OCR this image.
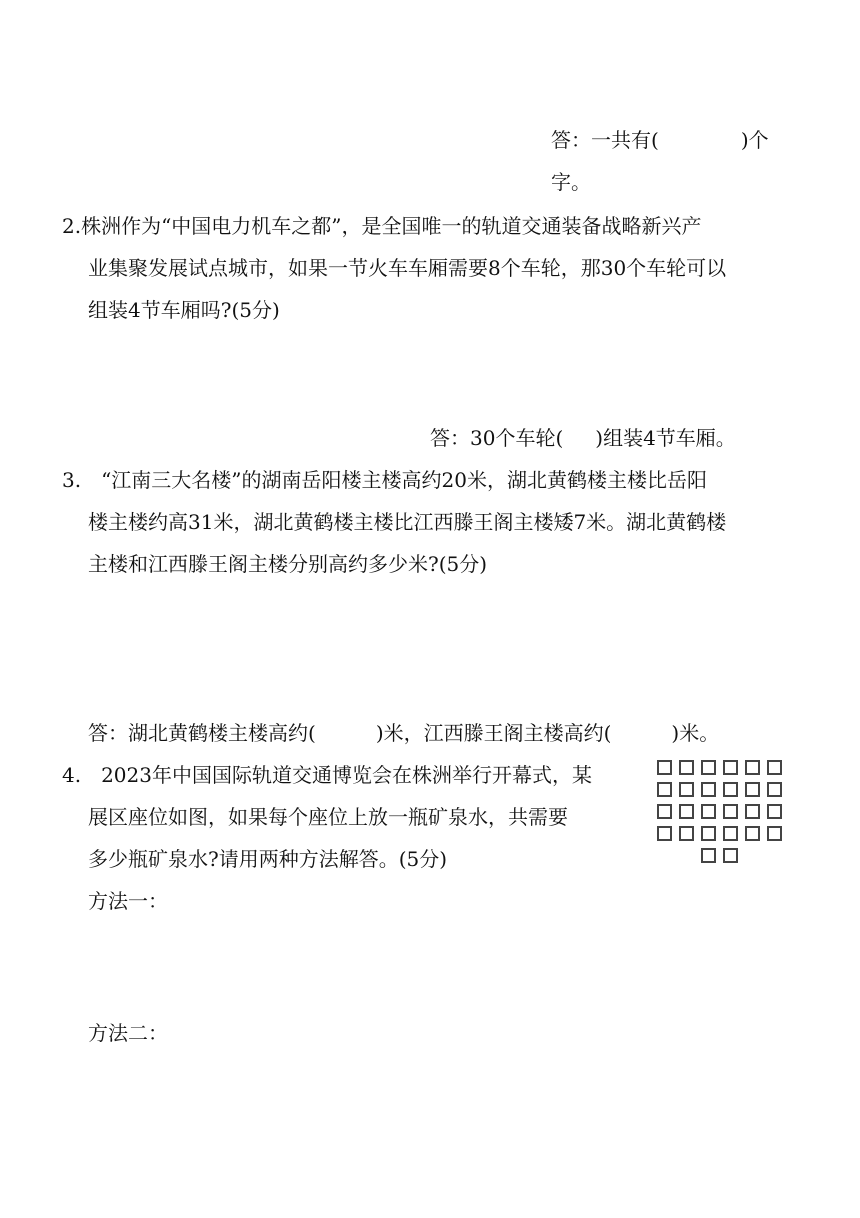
答：一共有(	)个
字。
2.株洲作为“中国电力机车之都”，是全国唯一的轨道交通装备战略新兴产
业集聚发展试点城市，如果一节火车车厢需要8个车轮，那30个车轮可以
组装4节车厢吗?(5分)
答：30个车轮( )组装4节车厢。
3.　“江南三大名楼”的湖南岳阳楼主楼高约20米，湖北黄鹤楼主楼比岳阳
楼主楼约高31米，湖北黄鹤楼主楼比江西滕王阁主楼矮7米。湖北黄鹤楼
主楼和江西滕王阁主楼分别高约多少米?(5分)
答：湖北黄鹤楼主楼高约(	)米，江西滕王阁主楼高约(	)米。
4.　2023年中国国际轨道交通博览会在株洲举行开幕式，某
展区座位如图，如果每个座位上放一瓶矿泉水，共需要
多少瓶矿泉水?请用两种方法解答。(5分)
方法一：
方法二：
